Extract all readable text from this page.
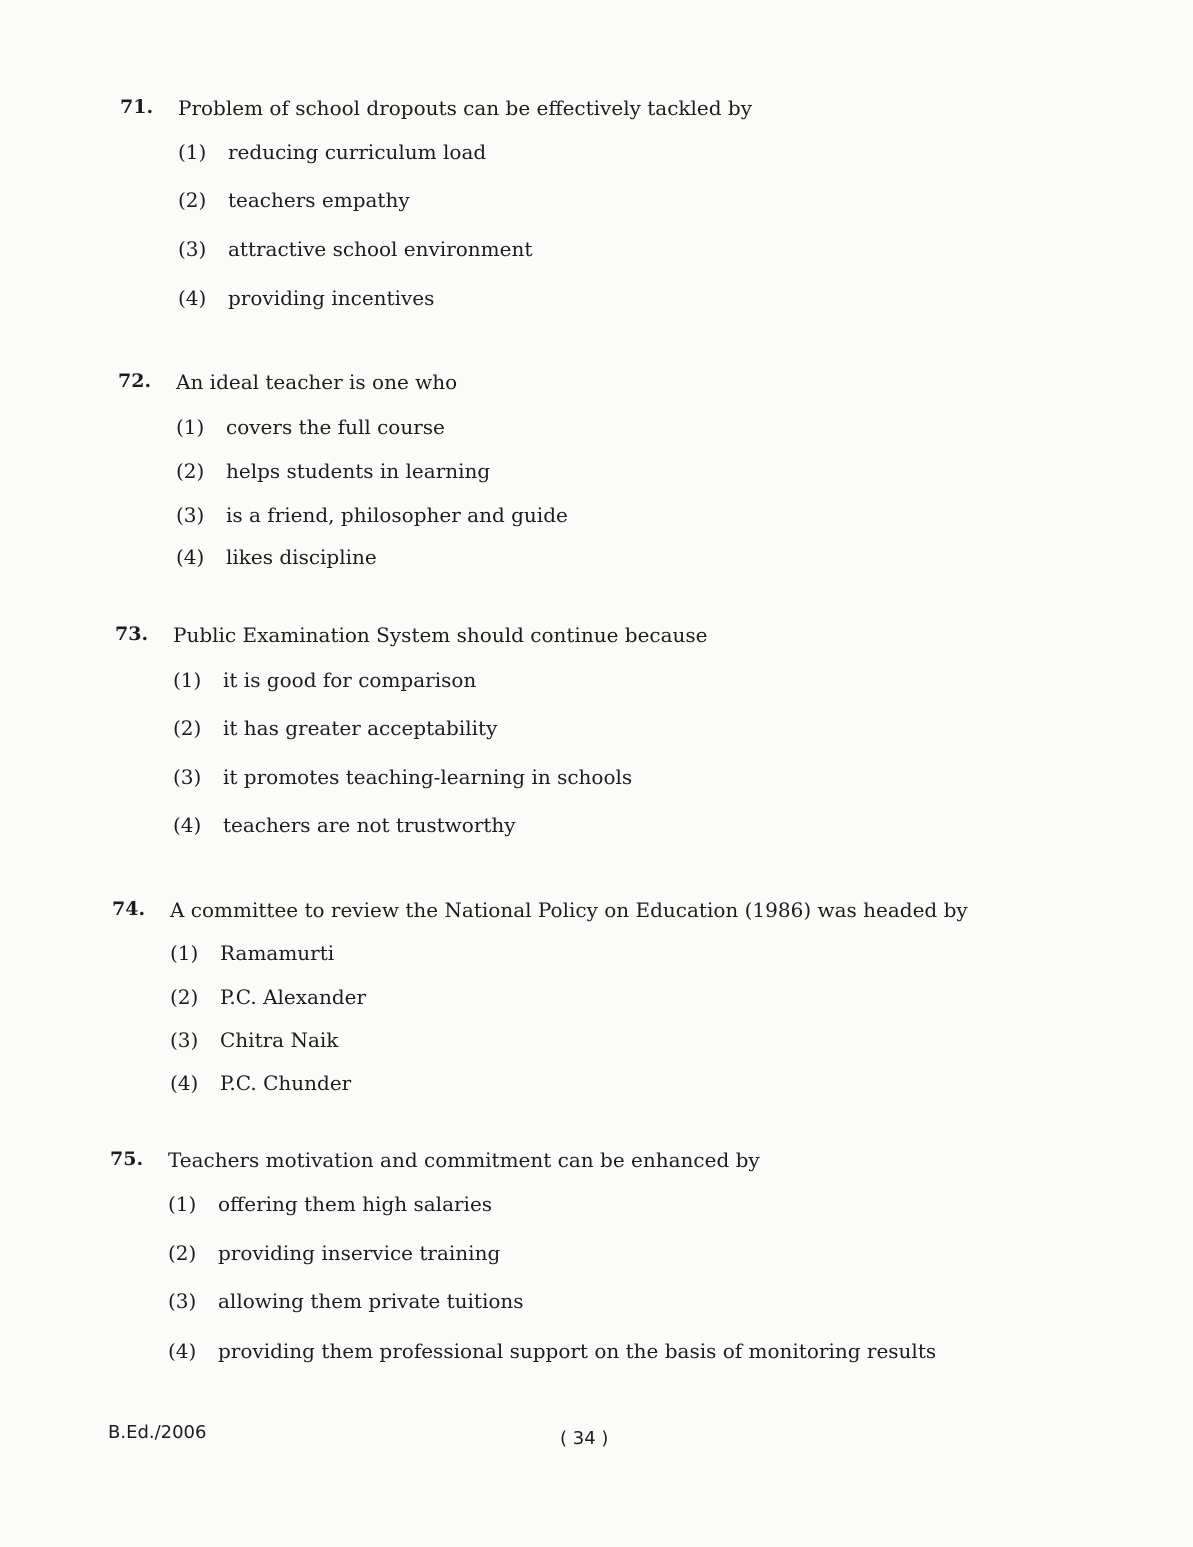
71. Problem of school dropouts can be effectively tackled by
(1) reducing curriculum load
(2) teachers empathy
(3) attractive school environment
(4) providing incentives
72. An ideal teacher is one who
(1) covers the full course
(2) helps students in learning
(3) is a friend, philosopher and guide
(4) likes discipline
73. Public Examination System should continue because
(1) it is good for comparison
(2) it has greater acceptability
(3) it promotes teaching-learning in schools
(4) teachers are not trustworthy
74. A committee to review the National Policy on Education (1986) was headed by
(1) Ramamurti
(2) P.C. Alexander
(3) Chitra Naik
(4) P.C. Chunder
75. Teachers motivation and commitment can be enhanced by
(1) offering them high salaries
(2) providing inservice training
(3) allowing them private tuitions
(4) providing them professional support on the basis of monitoring results
B.Ed./2006	( 34 )
